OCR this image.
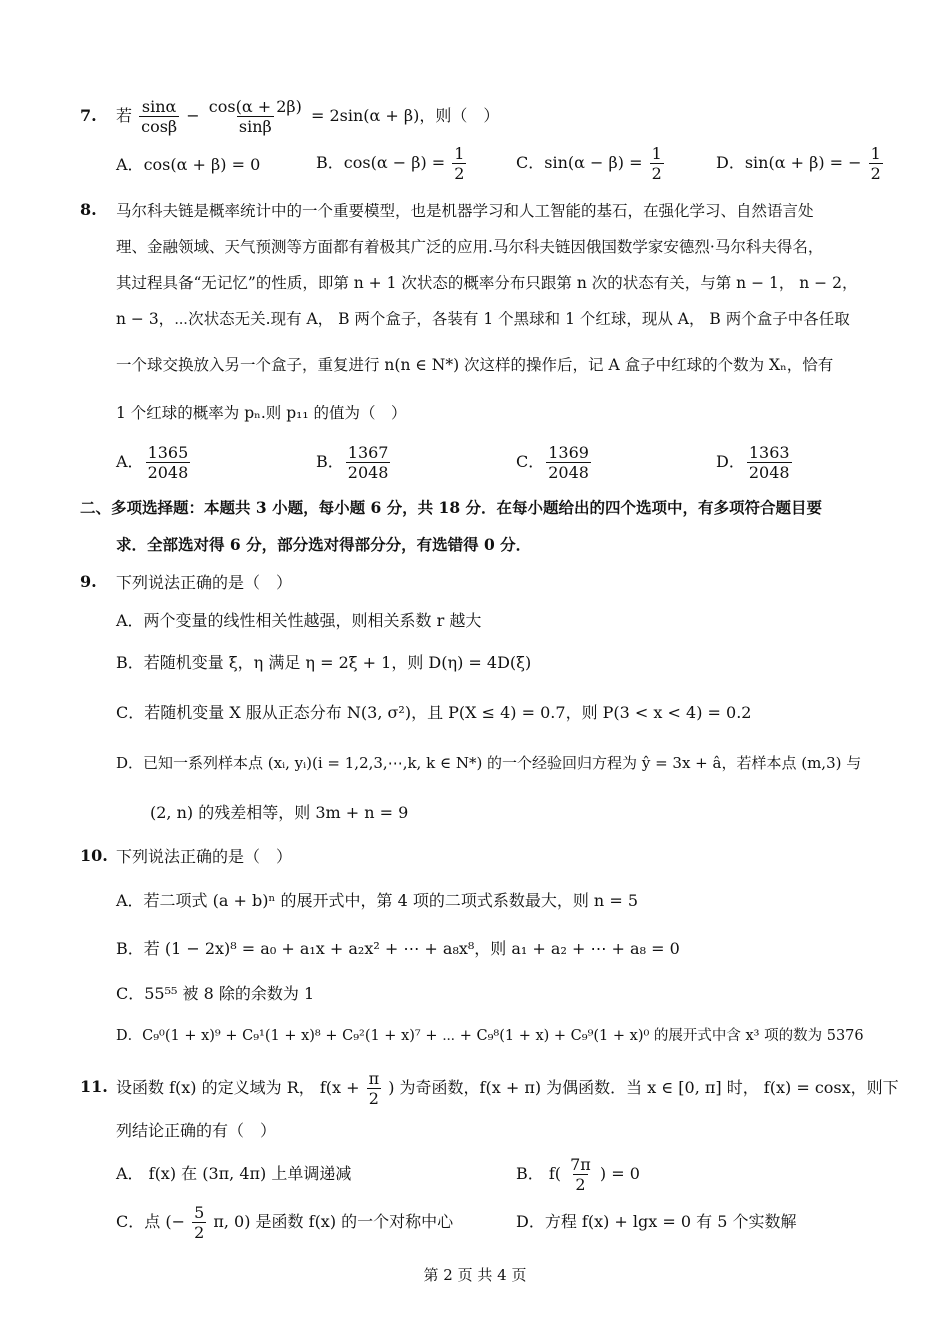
7. 若 $\frac{\sin\alpha}{\cos\beta} - \frac{\cos(\alpha + 2\beta)}{\sin\beta} = 2\sin(\alpha + \beta)$，则（　）
A．cos(α + β) = 0	B．$\cos(\alpha - \beta) = \frac{1}{2}$	C．$\sin(\alpha - \beta) = \frac{1}{2}$	D．sin(α + β) = − $\frac{1}{2}$
8. 马尔科夫链是概率统计中的一个重要模型，也是机器学习和人工智能的基石，在强化学习、自然语言处
理、金融领域、天气预测等方面都有着极其广泛的应用.马尔科夫链因俄国数学家安德烈·马尔科夫得名，
其过程具备“无记忆”的性质，即第 n + 1 次状态的概率分布只跟第 n 次的状态有关，与第 n − 1， n − 2，
n − 3，⋯次状态无关.现有 A， B 两个盒子，各装有 1 个黑球和 1 个红球，现从 A， B 两个盒子中各任取
一个球交换放入另一个盒子，重复进行 n(n ∈ N*) 次这样的操作后，记 A 盒子中红球的个数为 Xₙ，恰有
1 个红球的概率为 pₙ.则 p₁₁ 的值为（　）
A． $\frac{1365}{2048}$	B． $\frac{1367}{2048}$	C． $\frac{1369}{2048}$	D． $\frac{1363}{2048}$
二、多项选择题：本题共 3 小题，每小题 6 分，共 18 分．在每小题给出的四个选项中，有多项符合题目要
求．全部选对得 6 分，部分选对得部分分，有选错得 0 分．
9. 下列说法正确的是（　）
A．两个变量的线性相关性越强，则相关系数 r 越大
B．若随机变量 ξ，η 满足 η = 2ξ + 1，则 D(η) = 4D(ξ)
C．若随机变量 X 服从正态分布 N(3, σ²)，且 P(X ≤ 4) = 0.7，则 P(3 < x < 4) = 0.2
D．已知一系列样本点 (xᵢ, yᵢ)(i = 1,2,3,⋯,k, k ∈ N*) 的一个经验回归方程为 ŷ = 3x + â，若样本点 (m,3) 与
(2, n) 的残差相等，则 3m + n = 9
10. 下列说法正确的是（　）
A．若二项式 (a + b)ⁿ 的展开式中，第 4 项的二项式系数最大，则 n = 5
B．若 (1 − 2x)⁸ = a₀ + a₁x + a₂x² + ⋯ + a₈x⁸，则 a₁ + a₂ + ⋯ + a₈ = 0
C．55⁵⁵ 被 8 除的余数为 1
D．C₉⁰(1 + x)⁹ + C₉¹(1 + x)⁸ + C₉²(1 + x)⁷ + ⋯ + C₉⁸(1 + x) + C₉⁹(1 + x)⁰ 的展开式中含 x³ 项的数为 5376
11. 设函数 f(x) 的定义域为 R， $f(x + \frac{\pi}{2}$ ) 为奇函数，f(x + π) 为偶函数．当 x ∈ [0, π] 时， f(x) = cosx，则下
列结论正确的有（　）
A． f(x) 在 (3π, 4π) 上单调递减	B． $f( \frac{7\pi}{2}$ ) = 0
C．点 (− $\frac{5}{2} \pi$, 0) 是函数 f(x) 的一个对称中心	D．方程 f(x) + lgx = 0 有 5 个实数解
第 2 页 共 4 页
